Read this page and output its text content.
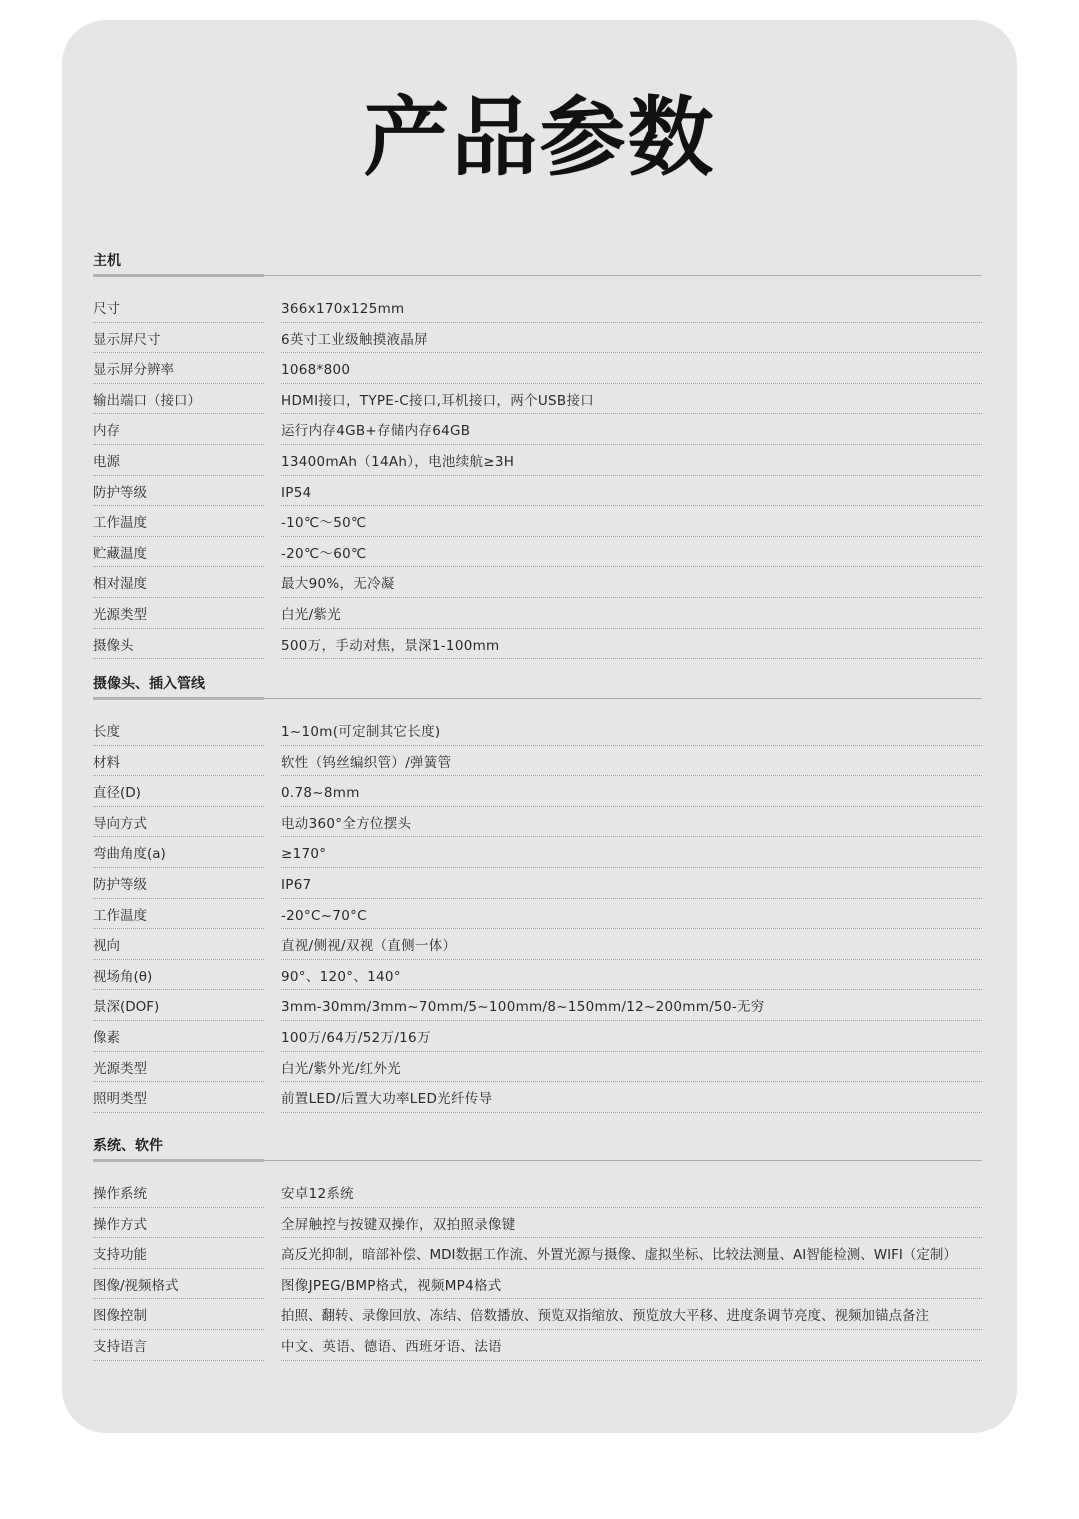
产品参数
主机
尺寸	366x170x125mm
显示屏尺寸	6英寸工业级触摸液晶屏
显示屏分辨率	1068*800
输出端口（接口）	HDMI接口，TYPE-C接口,耳机接口，两个USB接口
内存	运行内存4GB+存储内存64GB
电源	13400mAh（14Ah），电池续航≥3H
防护等级	IP54
工作温度	-10℃～50℃
贮藏温度	-20℃～60℃
相对湿度	最大90%，无冷凝
光源类型	白光/紫光
摄像头	500万，手动对焦，景深1-100mm
摄像头、插入管线
长度	1~10m(可定制其它长度)
材料	软性（钨丝编织管）/弹簧管
直径(D)	0.78~8mm
导向方式	电动360°全方位摆头
弯曲角度(a)	≥170°
防护等级	IP67
工作温度	-20°C~70°C
视向	直视/侧视/双视（直侧一体）
视场角(θ)	90°、120°、140°
景深(DOF)	3mm-30mm/3mm~70mm/5~100mm/8~150mm/12~200mm/50-无穷
像素	100万/64万/52万/16万
光源类型	白光/紫外光/红外光
照明类型	前置LED/后置大功率LED光纤传导
系统、软件
操作系统	安卓12系统
操作方式	全屏触控与按键双操作，双拍照录像键
支持功能	高反光抑制，暗部补偿、MDI数据工作流、外置光源与摄像、虚拟坐标、比较法测量、AI智能检测、WIFI（定制）
图像/视频格式	图像JPEG/BMP格式，视频MP4格式
图像控制	拍照、翻转、录像回放、冻结、倍数播放、预览双指缩放、预览放大平移、进度条调节亮度、视频加锚点备注
支持语言	中文、英语、德语、西班牙语、法语
